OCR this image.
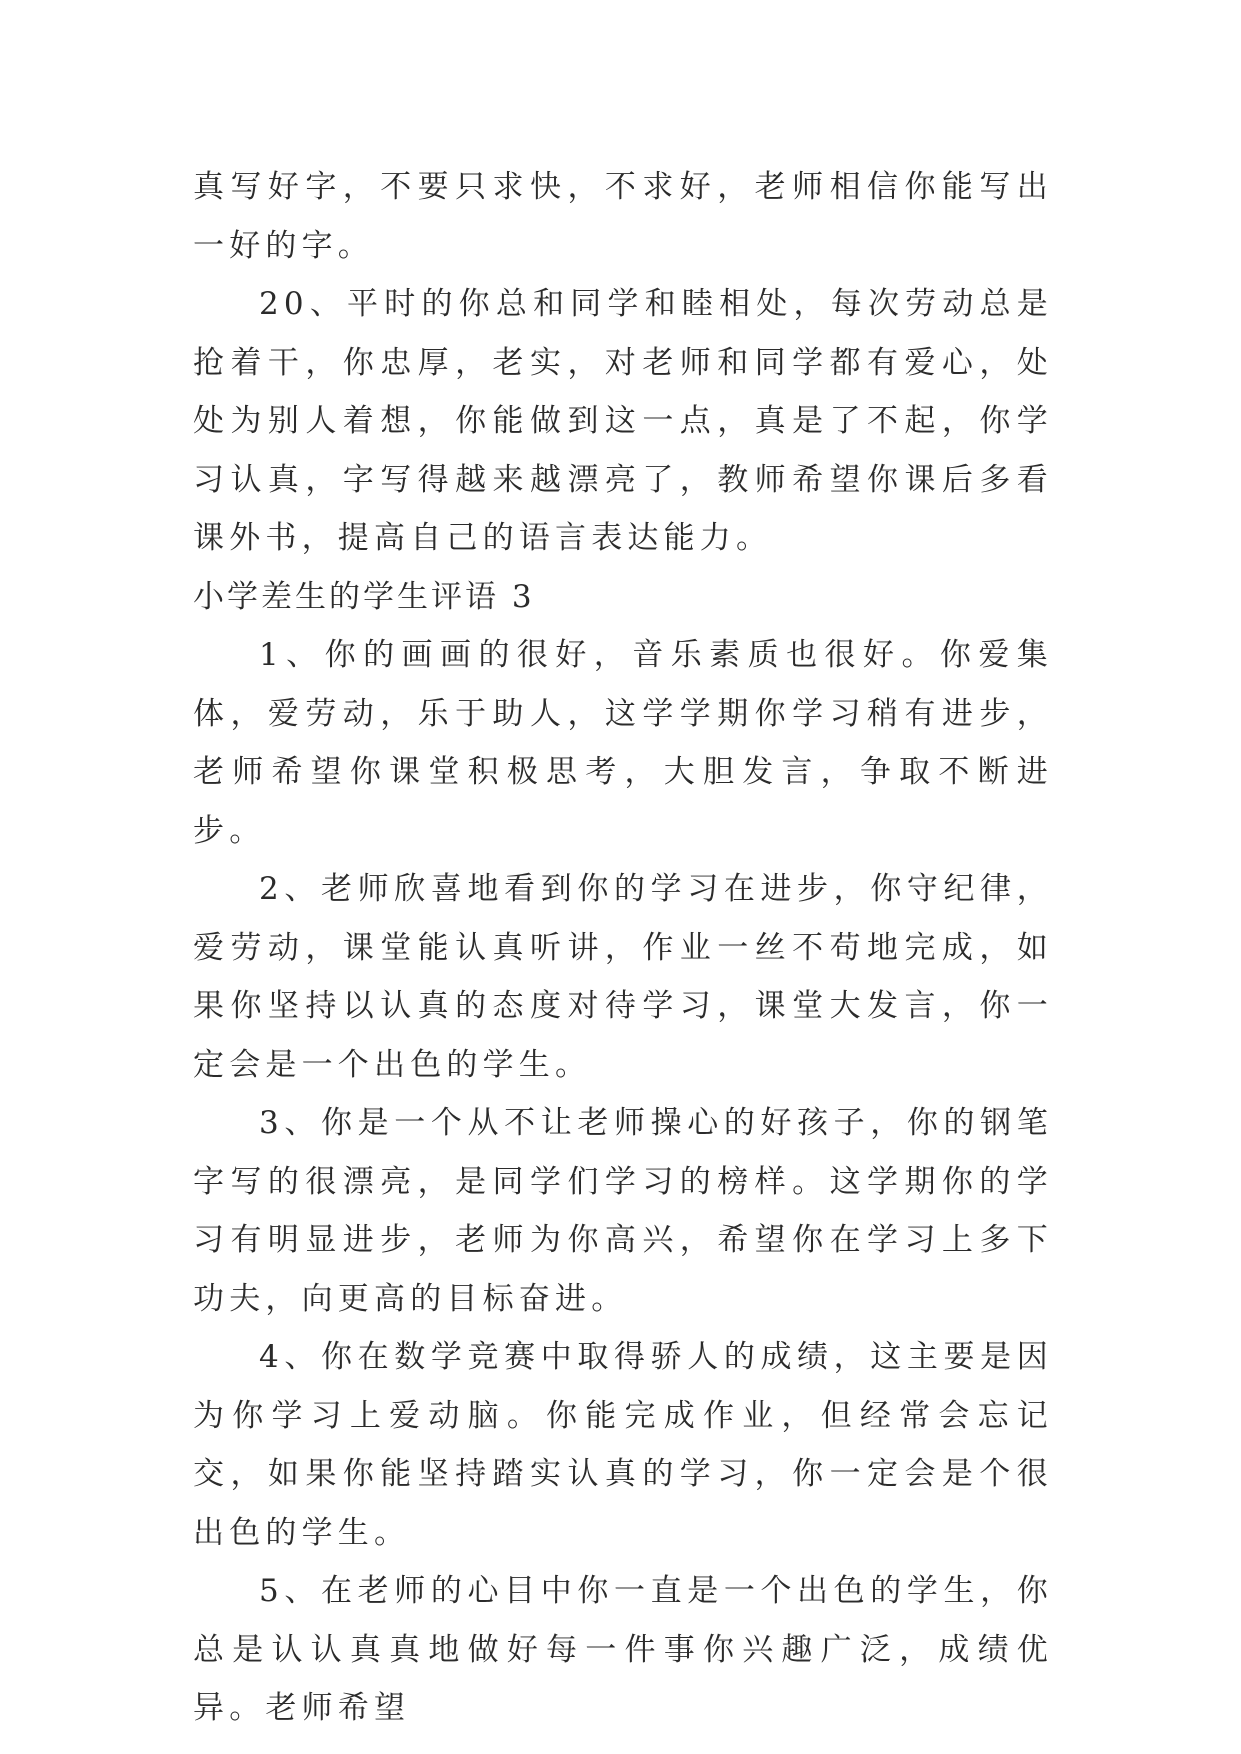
真写好字，不要只求快，不求好，老师相信你能写出一好的字。

20、平时的你总和同学和睦相处，每次劳动总是抢着干，你忠厚，老实，对老师和同学都有爱心，处处为别人着想，你能做到这一点，真是了不起，你学习认真，字写得越来越漂亮了，教师希望你课后多看课外书，提高自己的语言表达能力。

小学差生的学生评语 3

1、你的画画的很好，音乐素质也很好。你爱集体，爱劳动，乐于助人，这学学期你学习稍有进步，老师希望你课堂积极思考，大胆发言，争取不断进步。

2、老师欣喜地看到你的学习在进步，你守纪律，爱劳动，课堂能认真听讲，作业一丝不苟地完成，如果你坚持以认真的态度对待学习，课堂大发言，你一定会是一个出色的学生。

3、你是一个从不让老师操心的好孩子，你的钢笔字写的很漂亮，是同学们学习的榜样。这学期你的学习有明显进步，老师为你高兴，希望你在学习上多下功夫，向更高的目标奋进。

4、你在数学竞赛中取得骄人的成绩，这主要是因为你学习上爱动脑。你能完成作业，但经常会忘记交，如果你能坚持踏实认真的学习，你一定会是个很出色的学生。

5、在老师的心目中你一直是一个出色的学生，你总是认认真真地做好每一件事你兴趣广泛，成绩优异。老师希望
